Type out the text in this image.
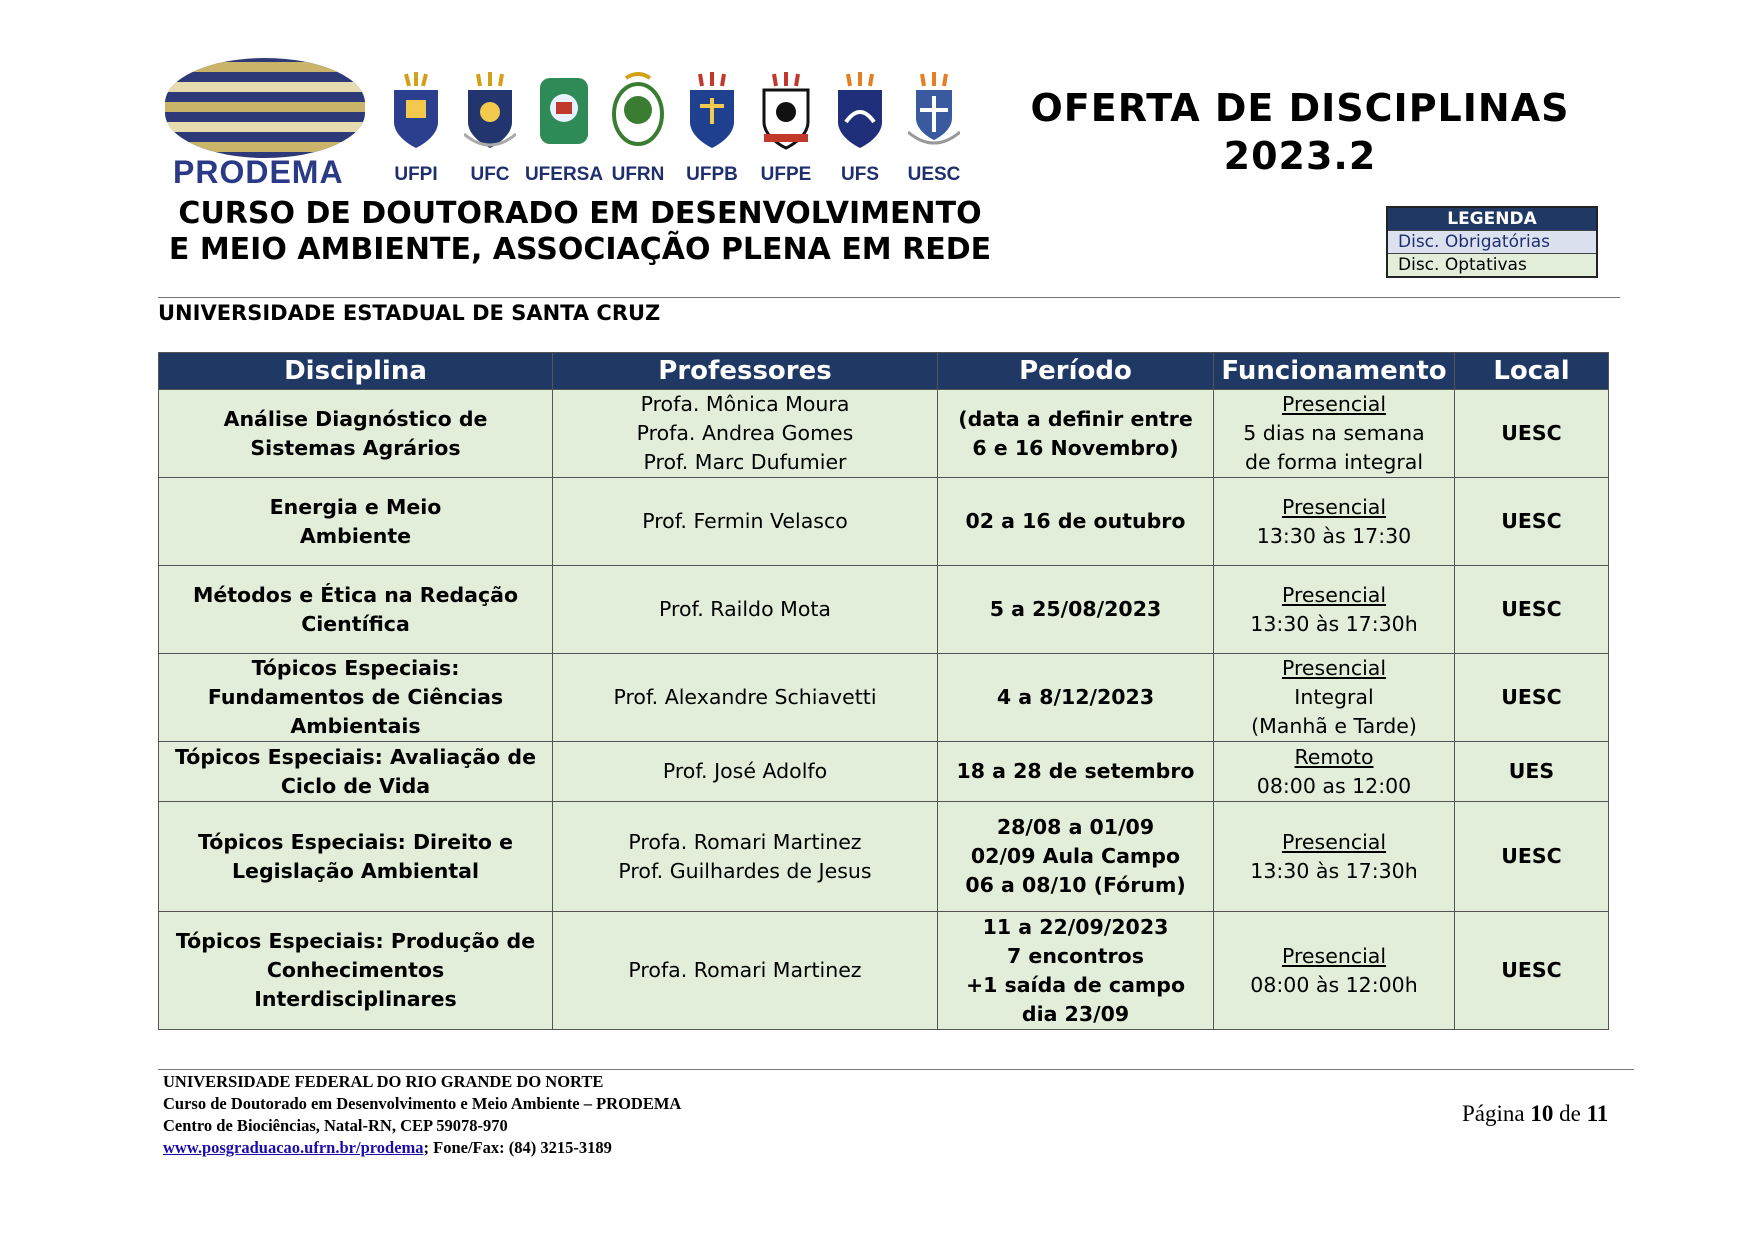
PRODEMA	UFPI	UFC UFERSA UFRN	UFPB	UFPE	UFS	UESC
OFERTA DE DISCIPLINAS
2023.2
CURSO DE DOUTORADO EM DESENVOLVIMENTO
E MEIO AMBIENTE, ASSOCIAÇÃO PLENA EM REDE
LEGENDA
Disc. Obrigatórias
Disc. Optativas
UNIVERSIDADE ESTADUAL DE SANTA CRUZ
Disciplina	Professores	Período	Funcionamento	Local

Análise Diagnóstico de
Sistemas Agrários	Profa. Mônica Moura
Profa. Andrea Gomes
Prof. Marc Dufumier	(data a definir entre
6 e 16 Novembro)	Presencial
5 dias na semana
de forma integral	UESC

Energia e Meio
Ambiente	Prof. Fermin Velasco	02 a 16 de outubro	Presencial
13:30 às 17:30	UESC

Métodos e Ética na Redação
Científica	Prof. Raildo Mota	5 a 25/08/2023	Presencial
13:30 às 17:30h	UESC

Tópicos Especiais:
Fundamentos de Ciências
Ambientais	Prof. Alexandre Schiavetti	4 a 8/12/2023	Presencial
Integral
(Manhã e Tarde)	UESC

Tópicos Especiais: Avaliação de
Ciclo de Vida	Prof. José Adolfo	18 a 28 de setembro	Remoto
08:00 as 12:00	UES

Tópicos Especiais: Direito e
Legislação Ambiental	Profa. Romari Martinez
Prof. Guilhardes de Jesus	28/08 a 01/09
02/09 Aula Campo
06 a 08/10 (Fórum)	Presencial
13:30 às 17:30h	UESC

Tópicos Especiais: Produção de
Conhecimentos
Interdisciplinares	Profa. Romari Martinez	11 a 22/09/2023
7 encontros
+1 saída de campo
dia 23/09	Presencial
08:00 às 12:00h	UESC
UNIVERSIDADE FEDERAL DO RIO GRANDE DO NORTE
Curso de Doutorado em Desenvolvimento e Meio Ambiente – PRODEMA
Centro de Biociências, Natal-RN, CEP 59078-970
www.posgraduacao.ufrn.br/prodema; Fone/Fax: (84) 3215-3189
Página 10 de 11
